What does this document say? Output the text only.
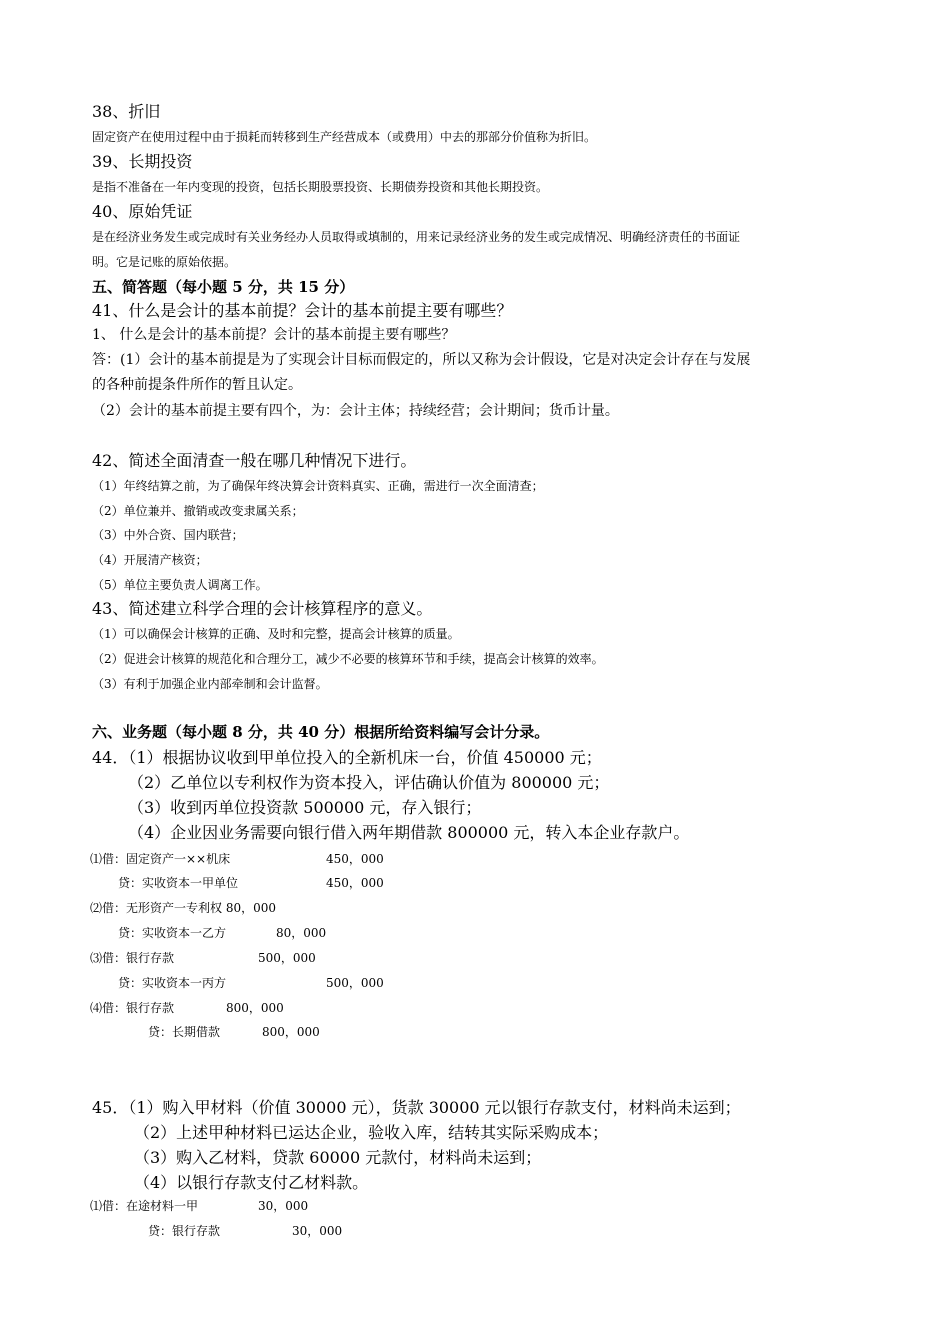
38、折旧
固定资产在使用过程中由于损耗而转移到生产经营成本（或费用）中去的那部分价值称为折旧。
39、长期投资
是指不准备在一年内变现的投资，包括长期股票投资、长期债券投资和其他长期投资。
40、原始凭证
是在经济业务发生或完成时有关业务经办人员取得或填制的，用来记录经济业务的发生或完成情况、明确经济责任的书面证
明。它是记账的原始依据。
五、简答题（每小题 5 分，共 15 分）
41、什么是会计的基本前提？会计的基本前提主要有哪些？
1、 什么是会计的基本前提？会计的基本前提主要有哪些？
答：(1）会计的基本前提是为了实现会计目标而假定的，所以又称为会计假设，它是对决定会计存在与发展
的各种前提条件所作的暂且认定。
（2）会计的基本前提主要有四个，为：会计主体；持续经营；会计期间；货币计量。
42、简述全面清查一般在哪几种情况下进行。
（1）年终结算之前，为了确保年终决算会计资料真实、正确，需进行一次全面清查；
（2）单位兼并、撤销或改变隶属关系；
（3）中外合资、国内联营；
（4）开展清产核资；
（5）单位主要负责人调离工作。
43、简述建立科学合理的会计核算程序的意义。
（1）可以确保会计核算的正确、及时和完整，提高会计核算的质量。
（2）促进会计核算的规范化和合理分工，减少不必要的核算环节和手续，提高会计核算的效率。
（3）有利于加强企业内部牵制和会计监督。
六、业务题（每小题 8 分，共 40 分）根据所给资料编写会计分录。
44．（1）根据协议收到甲单位投入的全新机床一台，价值 450000 元；
（2）乙单位以专利权作为资本投入，评估确认价值为 800000 元；
（3）收到丙单位投资款 500000 元，存入银行；
（4）企业因业务需要向银行借入两年期借款 800000 元，转入本企业存款户。
⑴借：固定资产一××机床	450，000
贷：实收资本一甲单位	450，000
⑵借：无形资产一专利权 80，000
贷：实收资本一乙方	80，000
⑶借：银行存款	500，000
贷：实收资本一丙方	500，000
⑷借：银行存款	800，000
贷：长期借款	800，000
45．（1）购入甲材料（价值 30000 元），货款 30000 元以银行存款支付，材料尚未运到；
（2）上述甲种材料已运达企业，验收入库，结转其实际采购成本；
（3）购入乙材料，贷款 60000 元款付，材料尚未运到；
（4）以银行存款支付乙材料款。
⑴借：在途材料一甲	30，000
贷：银行存款	30，000
